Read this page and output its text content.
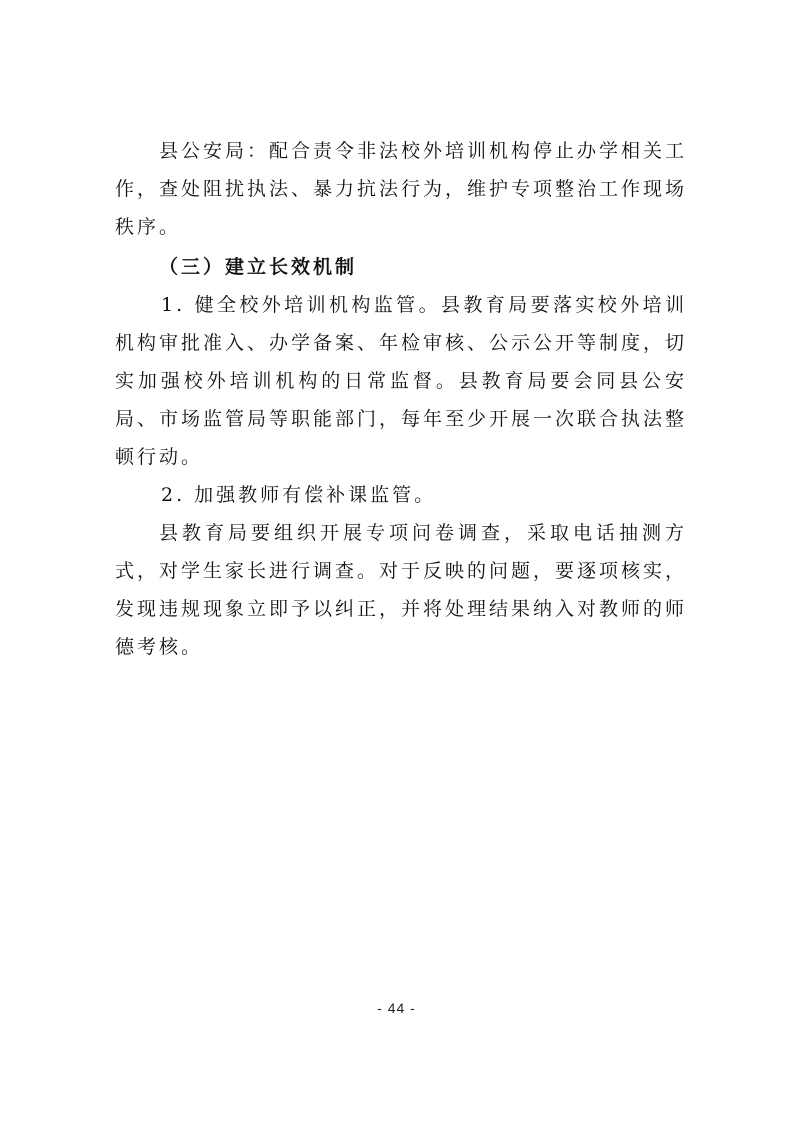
县公安局：配合责令非法校外培训机构停止办学相关工作，查处阻扰执法、暴力抗法行为，维护专项整治工作现场秩序。

（三）建立长效机制

1. 健全校外培训机构监管。县教育局要落实校外培训机构审批准入、办学备案、年检审核、公示公开等制度，切实加强校外培训机构的日常监督。县教育局要会同县公安局、市场监管局等职能部门，每年至少开展一次联合执法整顿行动。

2. 加强教师有偿补课监管。

县教育局要组织开展专项问卷调查，采取电话抽测方式，对学生家长进行调查。对于反映的问题，要逐项核实，发现违规现象立即予以纠正，并将处理结果纳入对教师的师德考核。

- 44 -
